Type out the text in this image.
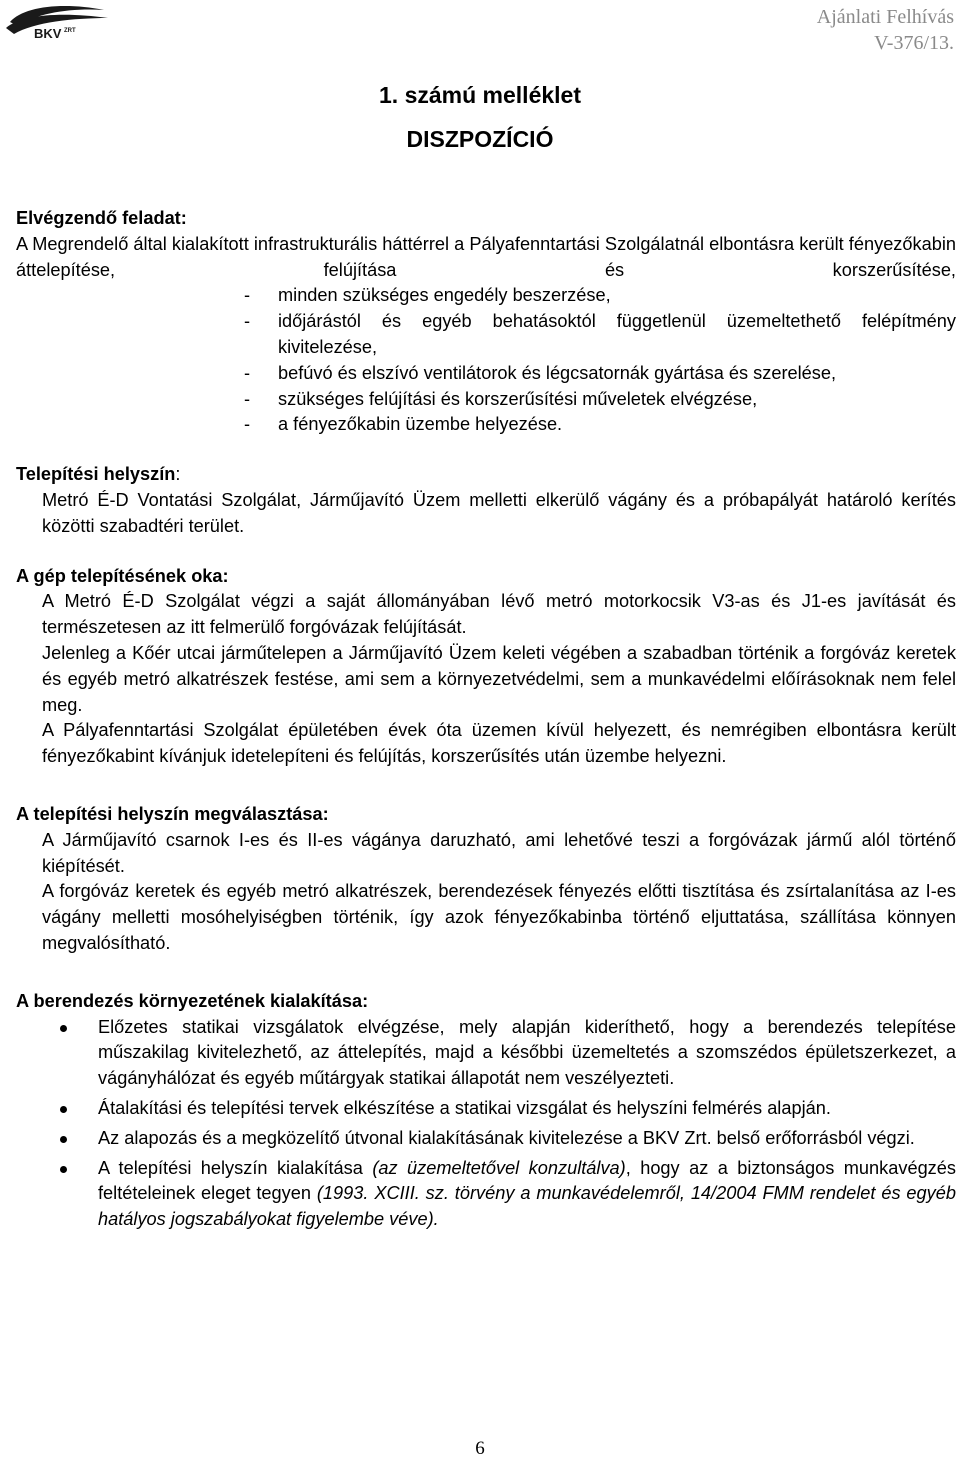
BKV ZRT
Ajánlati Felhívás
V-376/13.
1. számú melléklet
DISZPOZÍCIÓ
Elvégzendő feladat:
A Megrendelő által kialakított infrastrukturális háttérrel a Pályafenntartási Szolgálatnál elbontásra került fényezőkabin áttelepítése, felújítása és korszerűsítése,
- minden szükséges engedély beszerzése,
- időjárástól és egyéb behatásoktól függetlenül üzemeltethető felépítmény kivitelezése,
- befúvó és elszívó ventilátorok és légcsatornák gyártása és szerelése,
- szükséges felújítási és korszerűsítési műveletek elvégzése,
- a fényezőkabin üzembe helyezése.
Telepítési helyszín:
Metró É-D Vontatási Szolgálat, Járműjavító Üzem melletti elkerülő vágány és a próbapályát határoló kerítés közötti szabadtéri terület.
A gép telepítésének oka:
A Metró É-D Szolgálat végzi a saját állományában lévő metró motorkocsik V3-as és J1-es javítását és természetesen az itt felmerülő forgóvázak felújítását.
Jelenleg a Kőér utcai járműtelepen a Járműjavító Üzem keleti végében a szabadban történik a forgóváz keretek és egyéb metró alkatrészek festése, ami sem a környezetvédelmi, sem a munkavédelmi előírásoknak nem felel meg.
A Pályafenntartási Szolgálat épületében évek óta üzemen kívül helyezett, és nemrégiben elbontásra került fényezőkabint kívánjuk idetelepíteni és felújítás, korszerűsítés után üzembe helyezni.
A telepítési helyszín megválasztása:
A Járműjavító csarnok I-es és II-es vágánya daruzható, ami lehetővé teszi a forgóvázak jármű alól történő kiépítését.
A forgóváz keretek és egyéb metró alkatrészek, berendezések fényezés előtti tisztítása és zsírtalanítása az I-es vágány melletti mosóhelyiségben történik, így azok fényezőkabinba történő eljuttatása, szállítása könnyen megvalósítható.
A berendezés környezetének kialakítása:
Előzetes statikai vizsgálatok elvégzése, mely alapján kideríthető, hogy a berendezés telepítése műszakilag kivitelezhető, az áttelepítés, majd a későbbi üzemeltetés a szomszédos épületszerkezet, a vágányhálózat és egyéb műtárgyak statikai állapotát nem veszélyezteti.
Átalakítási és telepítési tervek elkészítése a statikai vizsgálat és helyszíni felmérés alapján.
Az alapozás és a megközelítő útvonal kialakításának kivitelezése a BKV Zrt. belső erőforrásból végzi.
A telepítési helyszín kialakítása (az üzemeltetővel konzultálva), hogy az a biztonságos munkavégzés feltételeinek eleget tegyen (1993. XCIII. sz. törvény a munkavédelemről, 14/2004 FMM rendelet és egyéb hatályos jogszabályokat figyelembe véve).
6
